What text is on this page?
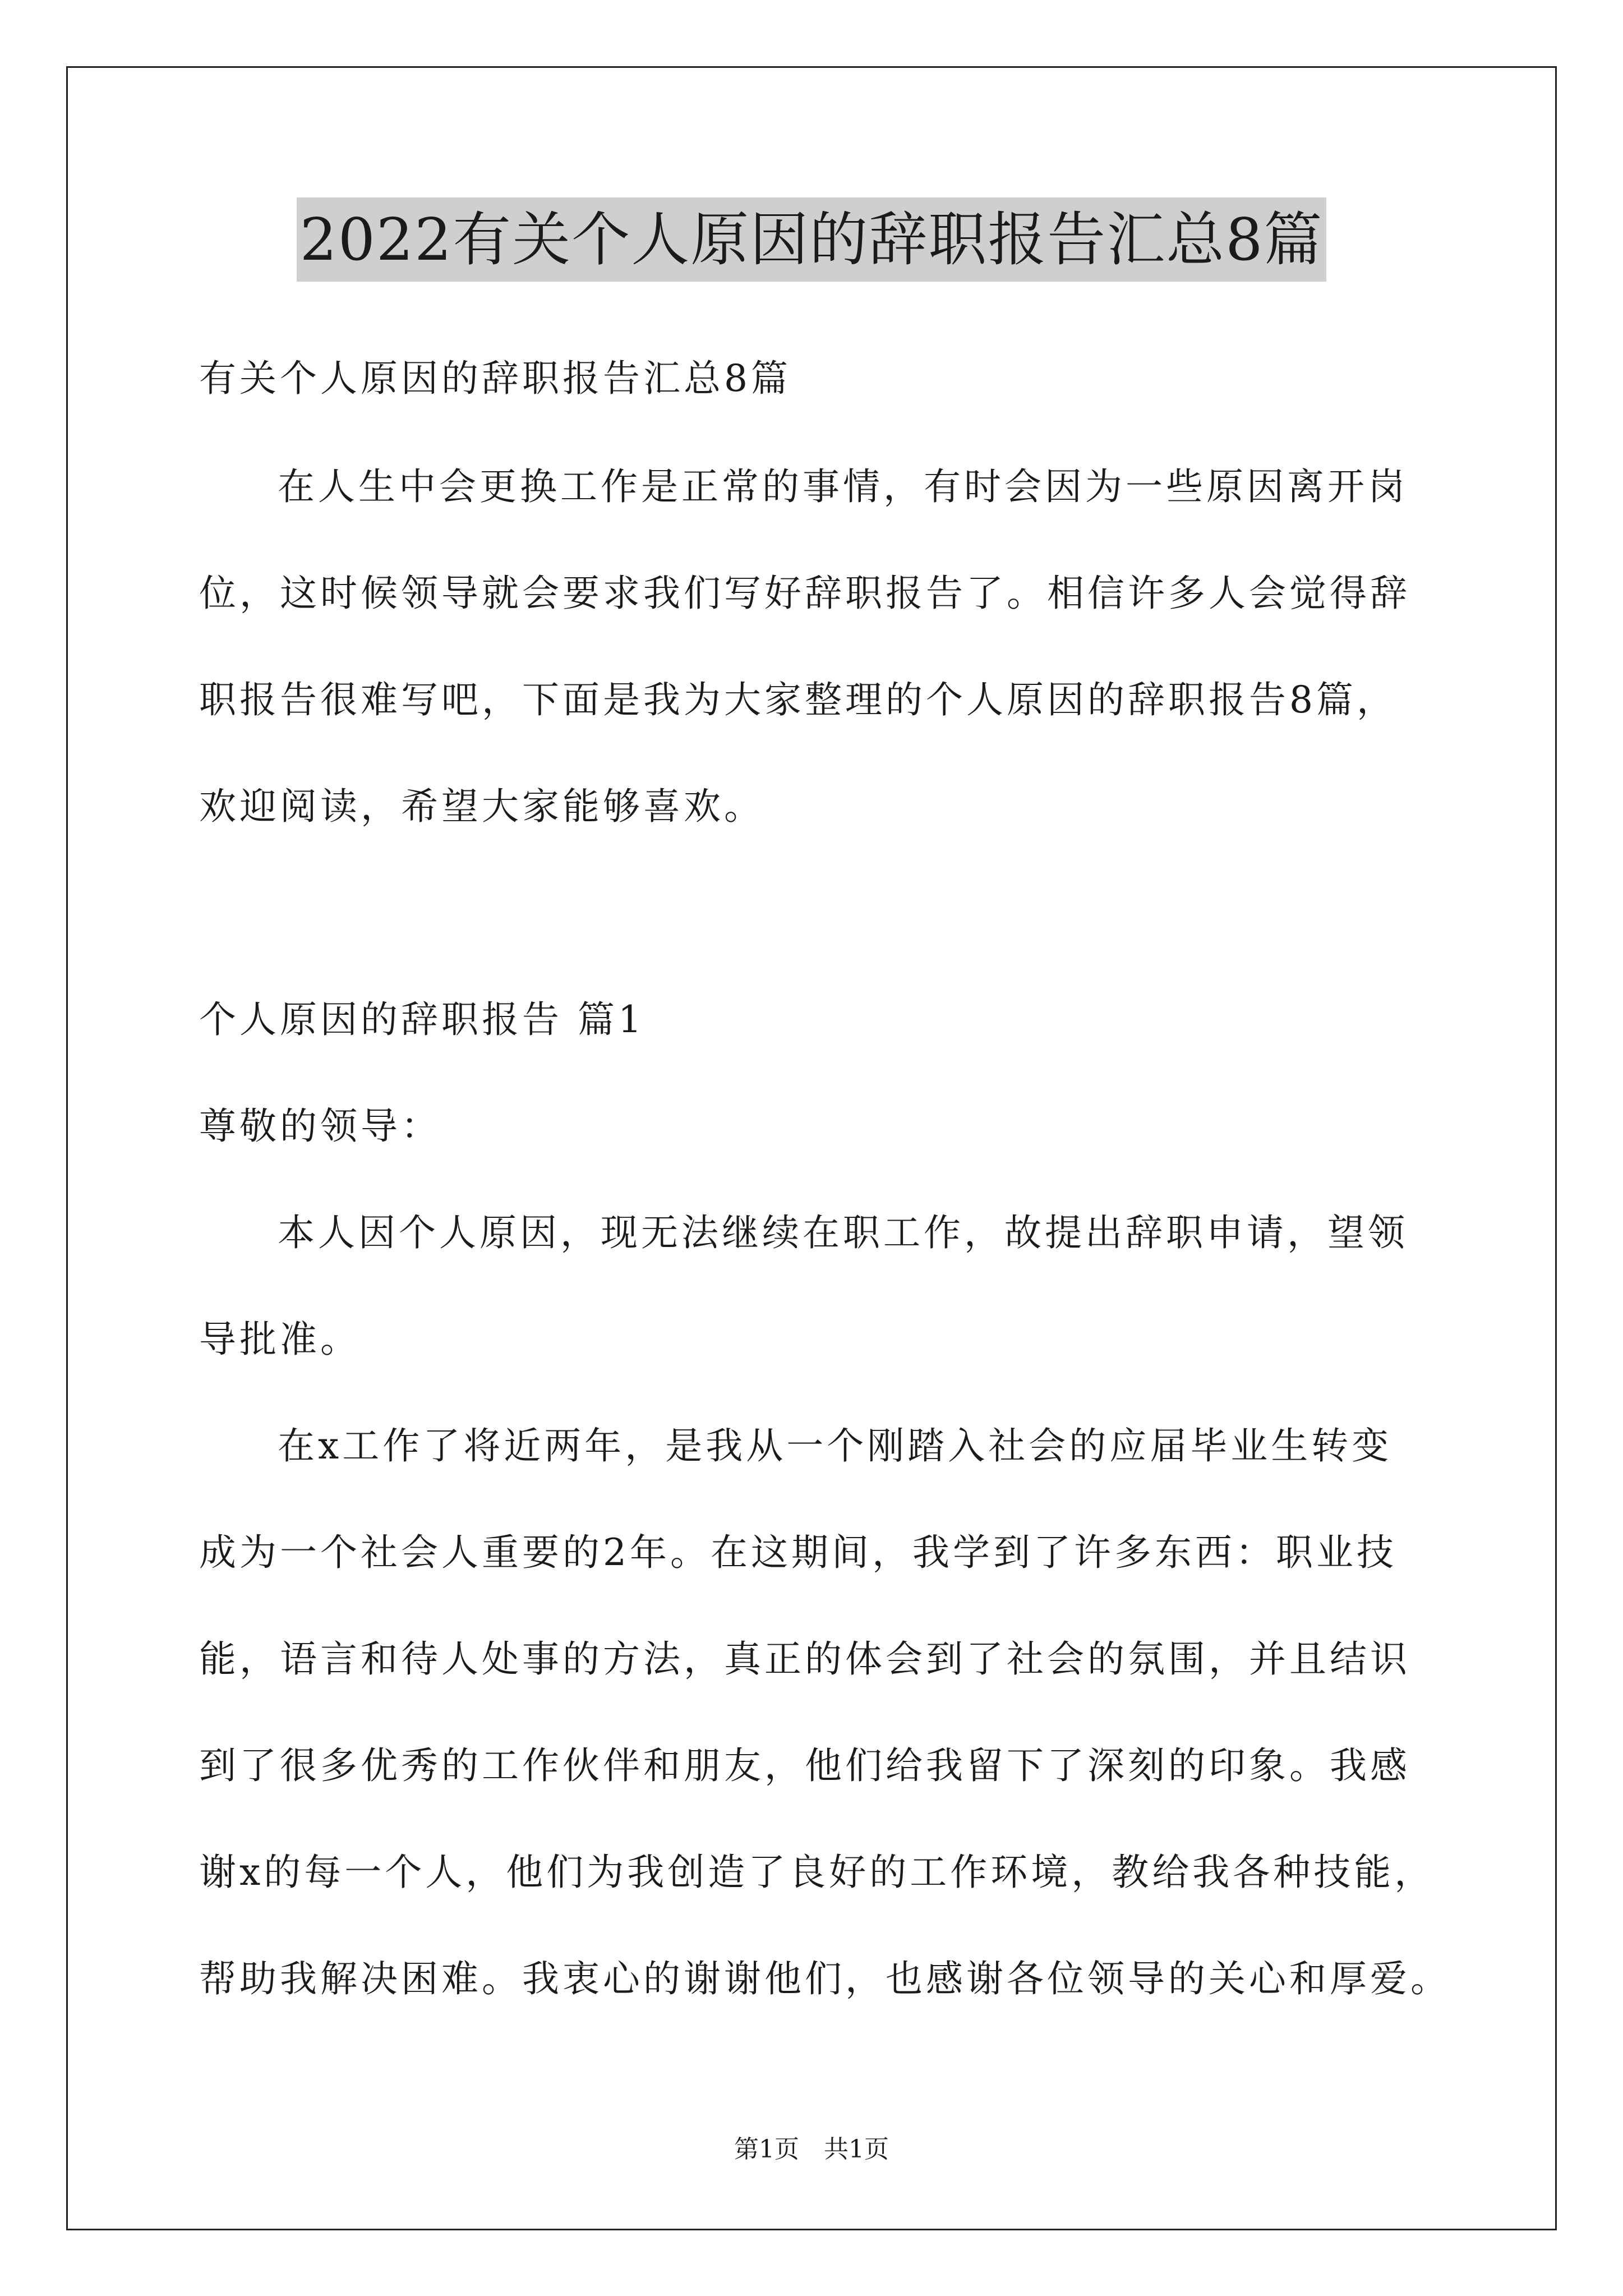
2022有关个人原因的辞职报告汇总8篇
有关个人原因的辞职报告汇总8篇
在人生中会更换工作是正常的事情，有时会因为一些原因离开岗
位，这时候领导就会要求我们写好辞职报告了。相信许多人会觉得辞
职报告很难写吧，下面是我为大家整理的个人原因的辞职报告8篇，
欢迎阅读，希望大家能够喜欢。
个人原因的辞职报告 篇1
尊敬的领导：
本人因个人原因，现无法继续在职工作，故提出辞职申请，望领
导批准。
在x工作了将近两年，是我从一个刚踏入社会的应届毕业生转变
成为一个社会人重要的2年。在这期间，我学到了许多东西：职业技
能，语言和待人处事的方法，真正的体会到了社会的氛围，并且结识
到了很多优秀的工作伙伴和朋友，他们给我留下了深刻的印象。我感
谢x的每一个人，他们为我创造了良好的工作环境，教给我各种技能，
帮助我解决困难。我衷心的谢谢他们，也感谢各位领导的关心和厚爱。
第1页　共1页
